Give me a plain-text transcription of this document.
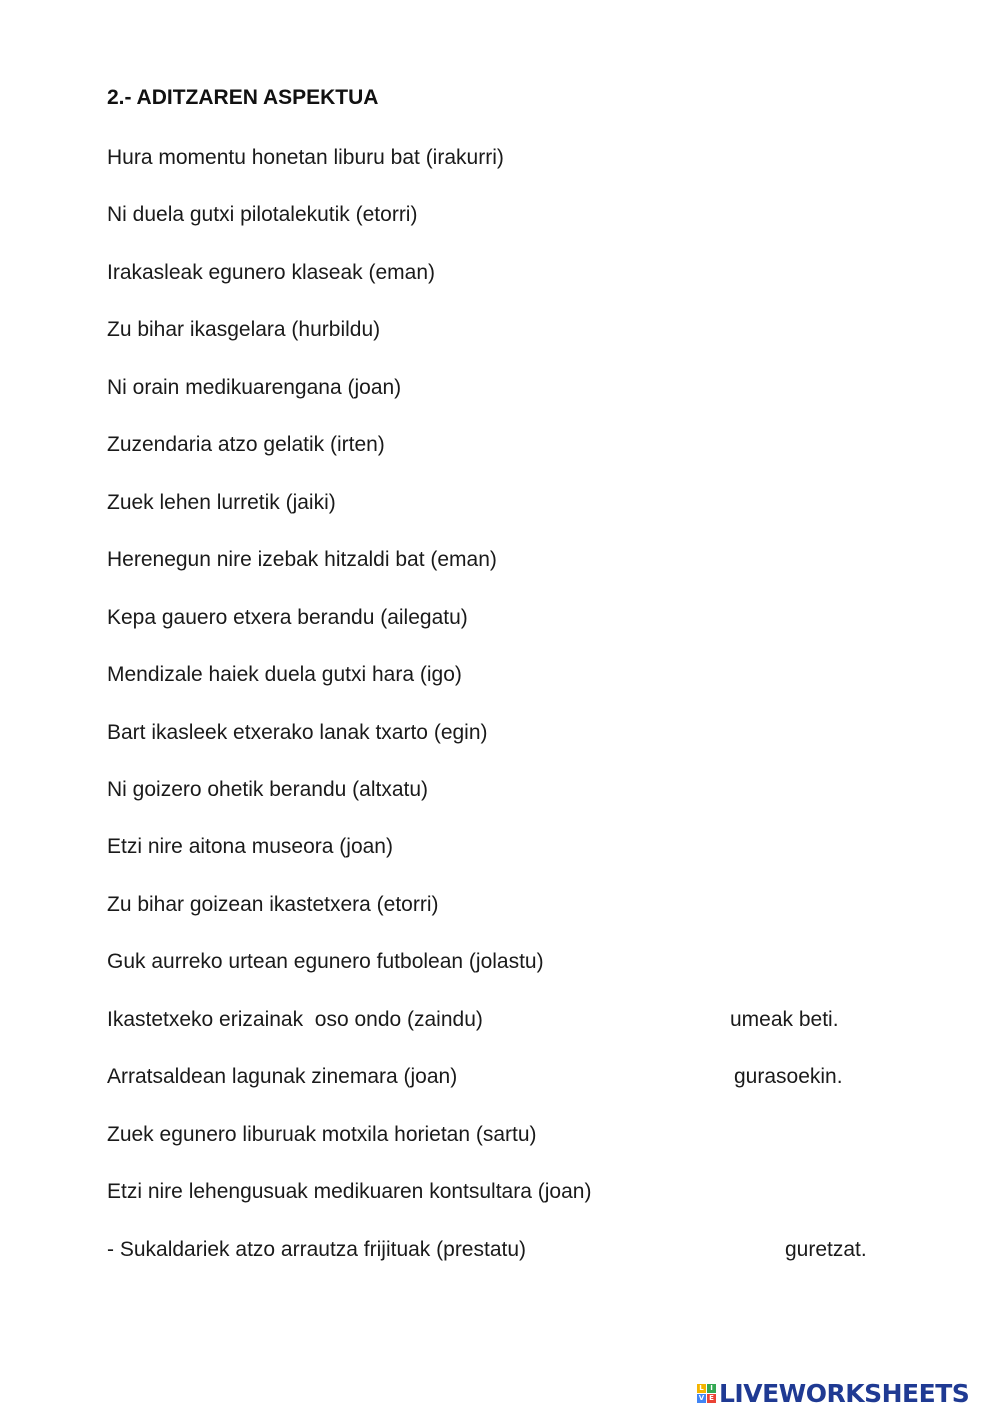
2.- ADITZAREN ASPEKTUA
Hura momentu honetan liburu bat (irakurri)
Ni duela gutxi pilotalekutik (etorri)
Irakasleak egunero klaseak (eman)
Zu bihar ikasgelara (hurbildu)
Ni orain medikuarengana (joan)
Zuzendaria atzo gelatik (irten)
Zuek lehen lurretik (jaiki)
Herenegun nire izebak hitzaldi bat (eman)
Kepa gauero etxera berandu (ailegatu)
Mendizale haiek duela gutxi hara (igo)
Bart ikasleek etxerako lanak txarto (egin)
Ni goizero ohetik berandu (altxatu)
Etzi nire aitona museora (joan)
Zu bihar goizean ikastetxera (etorri)
Guk aurreko urtean egunero futbolean (jolastu)
Ikastetxeko erizainak  oso ondo (zaindu)	umeak beti.
Arratsaldean lagunak zinemara (joan)	gurasoekin.
Zuek egunero liburuak motxila horietan (sartu)
Etzi nire lehengusuak medikuaren kontsultara (joan)
- Sukaldariek atzo arrautza frijituak (prestatu)	guretzat.
L I
V E LIVEWORKSHEETS
